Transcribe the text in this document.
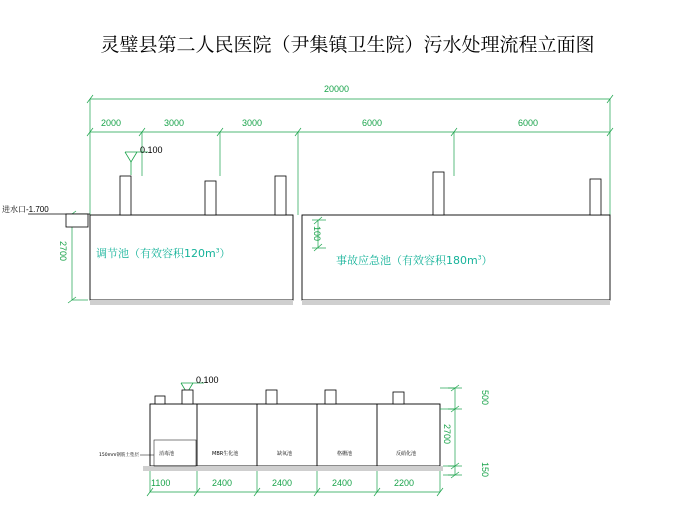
灵璧县第二人民医院（尹集镇卫生院）污水处理流程立面图
20000
2000	3000	3000	6000	6000
0.100
进水口-1.700
2700
100
调节池（有效容积$120m^3$）
事故应急池（有效容积$180m^3$）
0.100
150mm钢筋土垫层	消毒池	MBR生化池	缺氧池	格栅池	反硝化池
1100	2400	2400	2400	2200
500
2700
150
